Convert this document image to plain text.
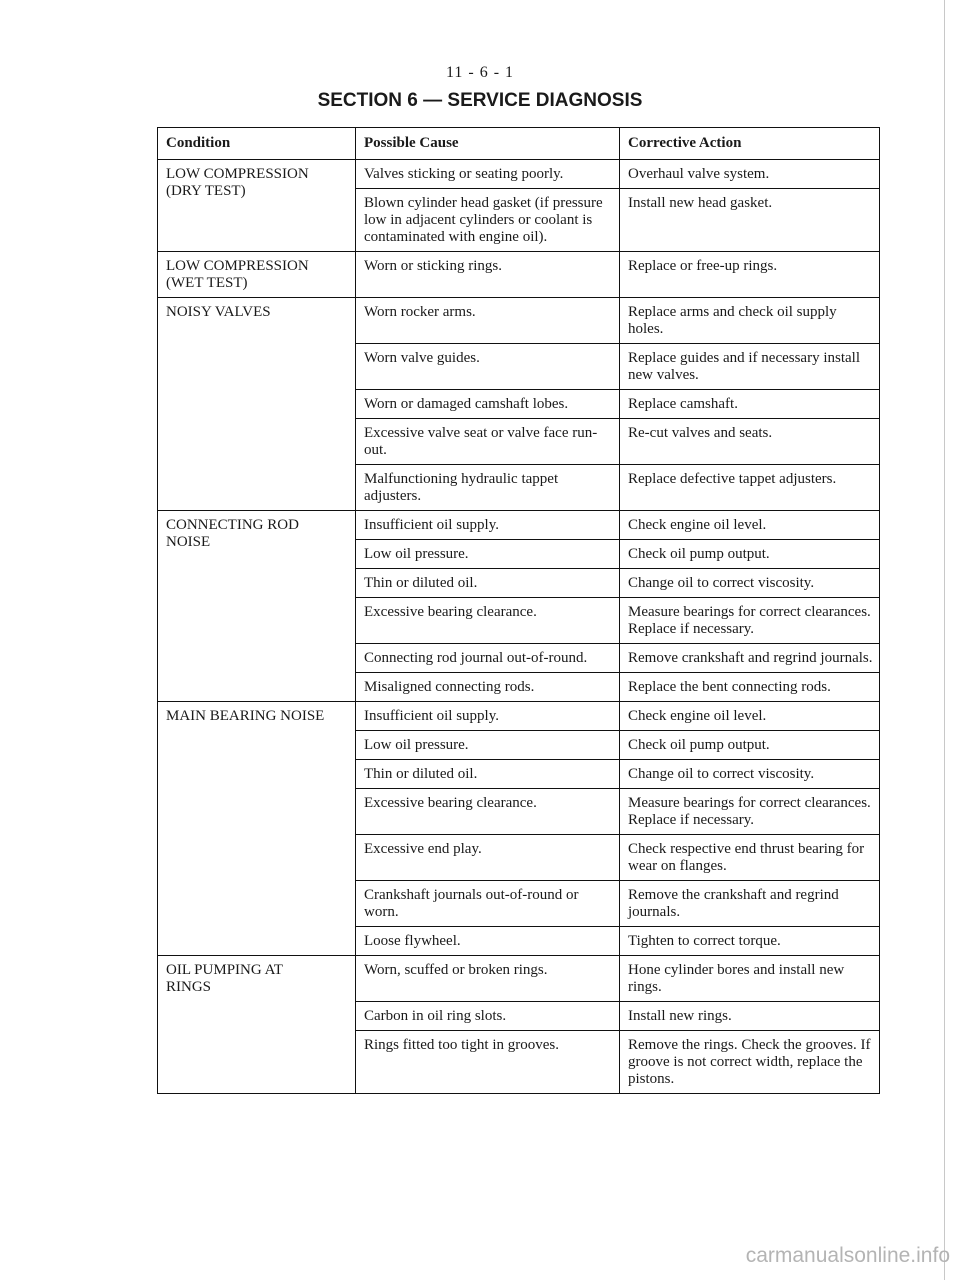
11 - 6 - 1
SECTION 6 — SERVICE DIAGNOSIS
Condition	Possible Cause	Corrective Action

LOW COMPRESSION
(DRY TEST)	Valves sticking or seating poorly.	Overhaul valve system.
	Blown cylinder head gasket (if pressure low in adjacent cylinders or coolant is contaminated with engine oil).	Install new head gasket.

LOW COMPRESSION
(WET TEST)	Worn or sticking rings.	Replace or free-up rings.

NOISY VALVES	Worn rocker arms.	Replace arms and check oil supply holes.
	Worn valve guides.	Replace guides and if necessary install new valves.
	Worn or damaged camshaft lobes.	Replace camshaft.
	Excessive valve seat or valve face run-out.	Re-cut valves and seats.
	Malfunctioning hydraulic tappet adjusters.	Replace defective tappet adjusters.

CONNECTING ROD
NOISE	Insufficient oil supply.	Check engine oil level.
	Low oil pressure.	Check oil pump output.
	Thin or diluted oil.	Change oil to correct viscosity.
	Excessive bearing clearance.	Measure bearings for correct clearances. Replace if necessary.
	Connecting rod journal out-of-round.	Remove crankshaft and regrind journals.
	Misaligned connecting rods.	Replace the bent connecting rods.

MAIN BEARING NOISE	Insufficient oil supply.	Check engine oil level.
	Low oil pressure.	Check oil pump output.
	Thin or diluted oil.	Change oil to correct viscosity.
	Excessive bearing clearance.	Measure bearings for correct clearances. Replace if necessary.
	Excessive end play.	Check respective end thrust bearing for wear on flanges.
	Crankshaft journals out-of-round or worn.	Remove the crankshaft and regrind journals.
	Loose flywheel.	Tighten to correct torque.

OIL PUMPING AT
RINGS	Worn, scuffed or broken rings.	Hone cylinder bores and install new rings.
	Carbon in oil ring slots.	Install new rings.
	Rings fitted too tight in grooves.	Remove the rings. Check the grooves. If groove is not correct width, replace the pistons.
carmanualsonline.info
